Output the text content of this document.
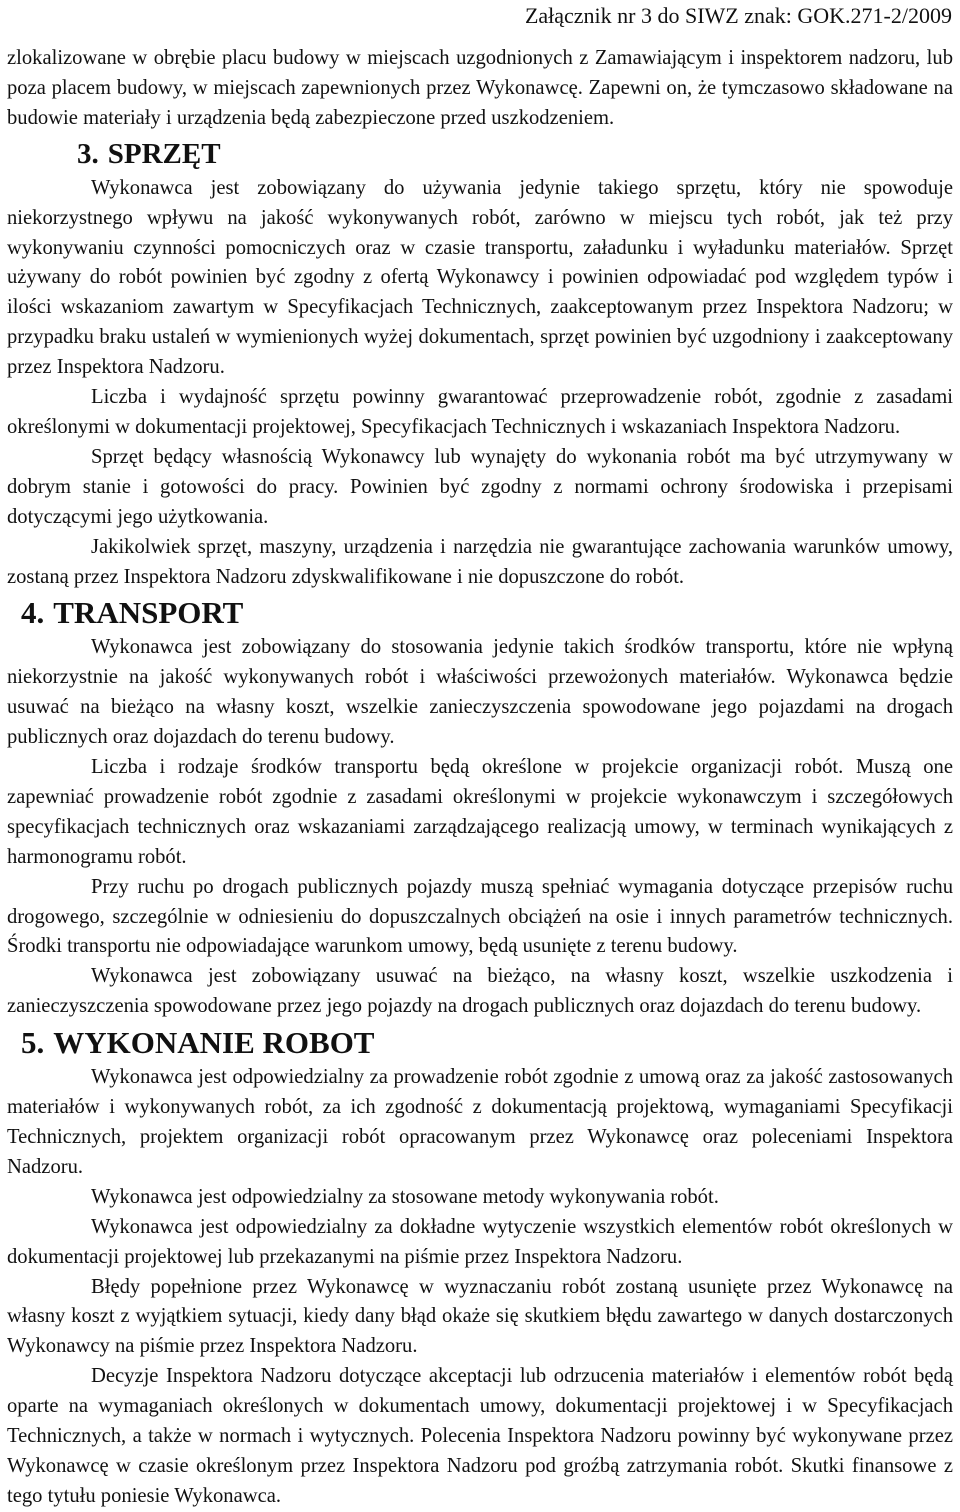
Załącznik nr 3 do SIWZ znak: GOK.271-2/2009

zlokalizowane w obrębie placu budowy w miejscach uzgodnionych z Zamawiającym i inspektorem nadzoru, lub poza placem budowy, w miejscach zapewnionych przez Wykonawcę. Zapewni on, że tymczasowo składowane na budowie materiały i urządzenia będą zabezpieczone przed uszkodzeniem.

3. SPRZĘT

Wykonawca jest zobowiązany do używania jedynie takiego sprzętu, który nie spowoduje niekorzystnego wpływu na jakość wykonywanych robót, zarówno w miejscu tych robót, jak też przy wykonywaniu czynności pomocniczych oraz w czasie transportu, załadunku i wyładunku materiałów. Sprzęt używany do robót powinien być zgodny z ofertą Wykonawcy i powinien odpowiadać pod względem typów i ilości wskazaniom zawartym w Specyfikacjach Technicznych, zaakceptowanym przez Inspektora Nadzoru; w przypadku braku ustaleń w wymienionych wyżej dokumentach, sprzęt powinien być uzgodniony i zaakceptowany przez Inspektora Nadzoru.

Liczba i wydajność sprzętu powinny gwarantować przeprowadzenie robót, zgodnie z zasadami określonymi w dokumentacji projektowej, Specyfikacjach Technicznych i wskazaniach Inspektora Nadzoru.

Sprzęt będący własnością Wykonawcy lub wynajęty do wykonania robót ma być utrzymywany w dobrym stanie i gotowości do pracy. Powinien być zgodny z normami ochrony środowiska i przepisami dotyczącymi jego użytkowania.

Jakikolwiek sprzęt, maszyny, urządzenia i narzędzia nie gwarantujące zachowania warunków umowy, zostaną przez Inspektora Nadzoru zdyskwalifikowane i nie dopuszczone do robót.

4. TRANSPORT

Wykonawca jest zobowiązany do stosowania jedynie takich środków transportu, które nie wpłyną niekorzystnie na jakość wykonywanych robót i właściwości przewożonych materiałów. Wykonawca będzie usuwać na bieżąco na własny koszt, wszelkie zanieczyszczenia spowodowane jego pojazdami na drogach publicznych oraz dojazdach do terenu budowy.

Liczba i rodzaje środków transportu będą określone w projekcie organizacji robót. Muszą one zapewniać prowadzenie robót zgodnie z zasadami określonymi w projekcie wykonawczym i szczegółowych specyfikacjach technicznych oraz wskazaniami zarządzającego realizacją umowy, w terminach wynikających z harmonogramu robót.

Przy ruchu po drogach publicznych pojazdy muszą spełniać wymagania dotyczące przepisów ruchu drogowego, szczególnie w odniesieniu do dopuszczalnych obciążeń na osie i innych parametrów technicznych. Środki transportu nie odpowiadające warunkom umowy, będą usunięte z terenu budowy.

Wykonawca jest zobowiązany usuwać na bieżąco, na własny koszt, wszelkie uszkodzenia i zanieczyszczenia spowodowane przez jego pojazdy na drogach publicznych oraz dojazdach do terenu budowy.

5. WYKONANIE ROBOT

Wykonawca jest odpowiedzialny za prowadzenie robót zgodnie z umową oraz za jakość zastosowanych materiałów i wykonywanych robót, za ich zgodność z dokumentacją projektową, wymaganiami Specyfikacji Technicznych, projektem organizacji robót opracowanym przez Wykonawcę oraz poleceniami Inspektora Nadzoru.

Wykonawca jest odpowiedzialny za stosowane metody wykonywania robót.

Wykonawca jest odpowiedzialny za dokładne wytyczenie wszystkich elementów robót określonych w dokumentacji projektowej lub przekazanymi na piśmie przez Inspektora Nadzoru.

Błędy popełnione przez Wykonawcę w wyznaczaniu robót zostaną usunięte przez Wykonawcę na własny koszt z wyjątkiem sytuacji, kiedy dany błąd okaże się skutkiem błędu zawartego w danych dostarczonych Wykonawcy na piśmie przez Inspektora Nadzoru.

Decyzje Inspektora Nadzoru dotyczące akceptacji lub odrzucenia materiałów i elementów robót będą oparte na wymaganiach określonych w dokumentach umowy, dokumentacji projektowej i w Specyfikacjach Technicznych, a także w normach i wytycznych. Polecenia Inspektora Nadzoru powinny być wykonywane przez Wykonawcę w czasie określonym przez Inspektora Nadzoru pod groźbą zatrzymania robót. Skutki finansowe z tego tytułu poniesie Wykonawca.
